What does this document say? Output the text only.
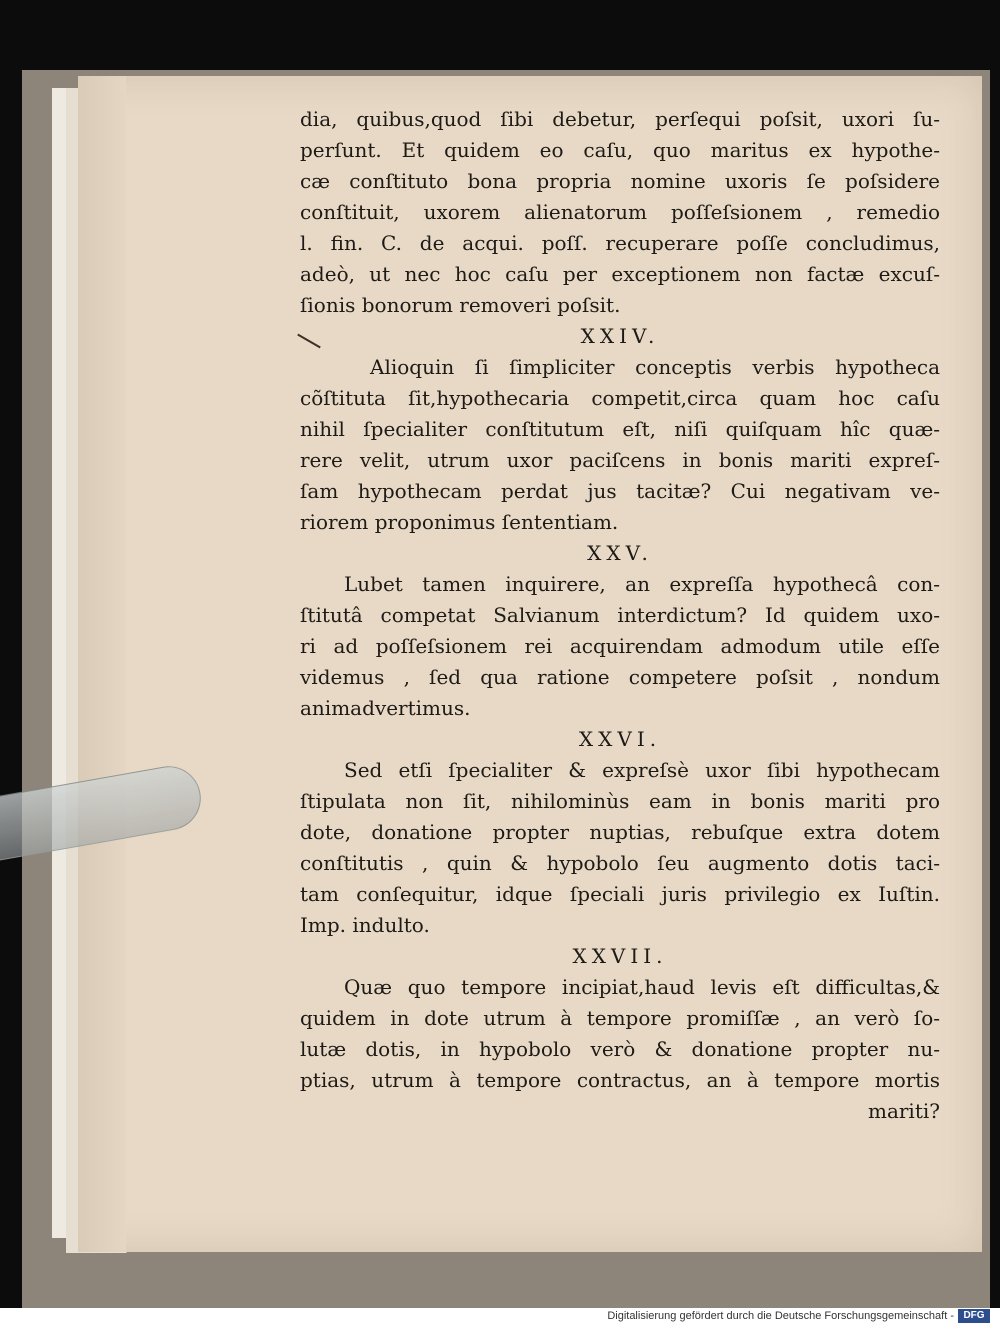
dia, quibus,quod ſibi debetur, perſequi poſsit, uxori ſu-
perſunt. Et quidem eo caſu, quo maritus ex hypothe-
cæ conſtituto bona propria nomine uxoris ſe poſsidere
conſtituit, uxorem alienatorum poſſeſsionem , remedio
l. fin. C. de acqui. poſſ. recuperare poſſe concludimus,
adeò, ut nec hoc caſu per exceptionem non factæ excuſ-
ſionis bonorum removeri poſsit.
XXIV.
Alioquin ſi ſimpliciter conceptis verbis hypotheca
cõſtituta ſit,hypothecaria competit,circa quam hoc caſu
nihil ſpecialiter conſtitutum eſt, niſi quiſquam hîc quæ-
rere velit, utrum uxor paciſcens in bonis mariti expreſ-
ſam hypothecam perdat jus tacitæ? Cui negativam ve-
riorem proponimus ſententiam.
XXV.
Lubet tamen inquirere, an expreſſa hypothecâ con-
ſtitutâ competat Salvianum interdictum? Id quidem uxo-
ri ad poſſeſsionem rei acquirendam admodum utile eſſe
videmus , ſed qua ratione competere poſsit , nondum
animadvertimus.
XXVI.
Sed etſi ſpecialiter & expreſsè uxor ſibi hypothecam
ſtipulata non ſit, nihilominùs eam in bonis mariti pro
dote, donatione propter nuptias, rebuſque extra dotem
conſtitutis , quin & hypobolo ſeu augmento dotis taci-
tam conſequitur, idque ſpeciali juris privilegio ex Iuſtin.
Imp. indulto.
XXVII.
Quæ quo tempore incipiat,haud levis eſt difficultas,&
quidem in dote utrum à tempore promiſſæ , an verò ſo-
lutæ dotis, in hypobolo verò & donatione propter nu-
ptias, utrum à tempore contractus, an à tempore mortis
mariti?
Digitalisierung gefördert durch die Deutsche Forschungsgemeinschaft - DFG
